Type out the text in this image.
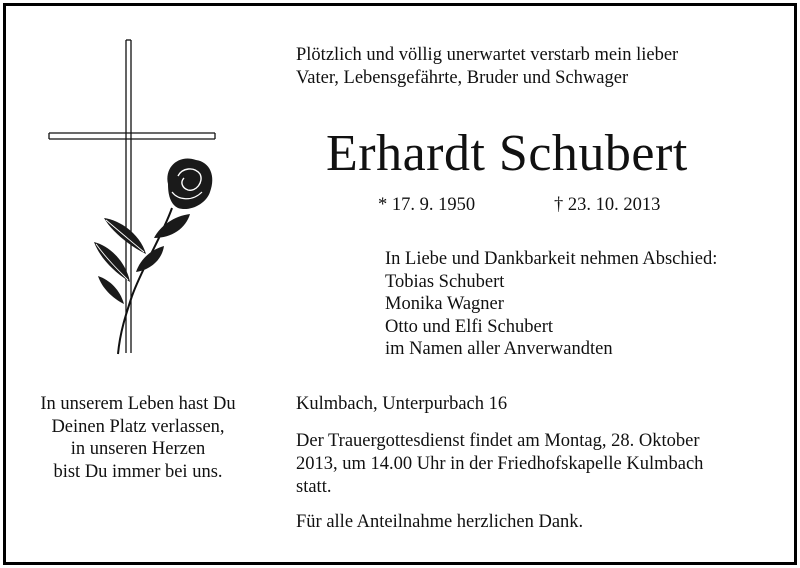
Plötzlich und völlig unerwartet verstarb mein lieber
Vater, Lebensgefährte, Bruder und Schwager
Erhardt Schubert
* 17. 9. 1950	† 23. 10. 2013
In Liebe und Dankbarkeit nehmen Abschied:
Tobias Schubert
Monika Wagner
Otto und Elfi Schubert
im Namen aller Anverwandten
In unserem Leben hast Du
Deinen Platz verlassen,
in unseren Herzen
bist Du immer bei uns.
Kulmbach, Unterpurbach 16
Der Trauergottesdienst findet am Montag, 28. Oktober
2013, um 14.00 Uhr in der Friedhofskapelle Kulmbach
statt.
Für alle Anteilnahme herzlichen Dank.
